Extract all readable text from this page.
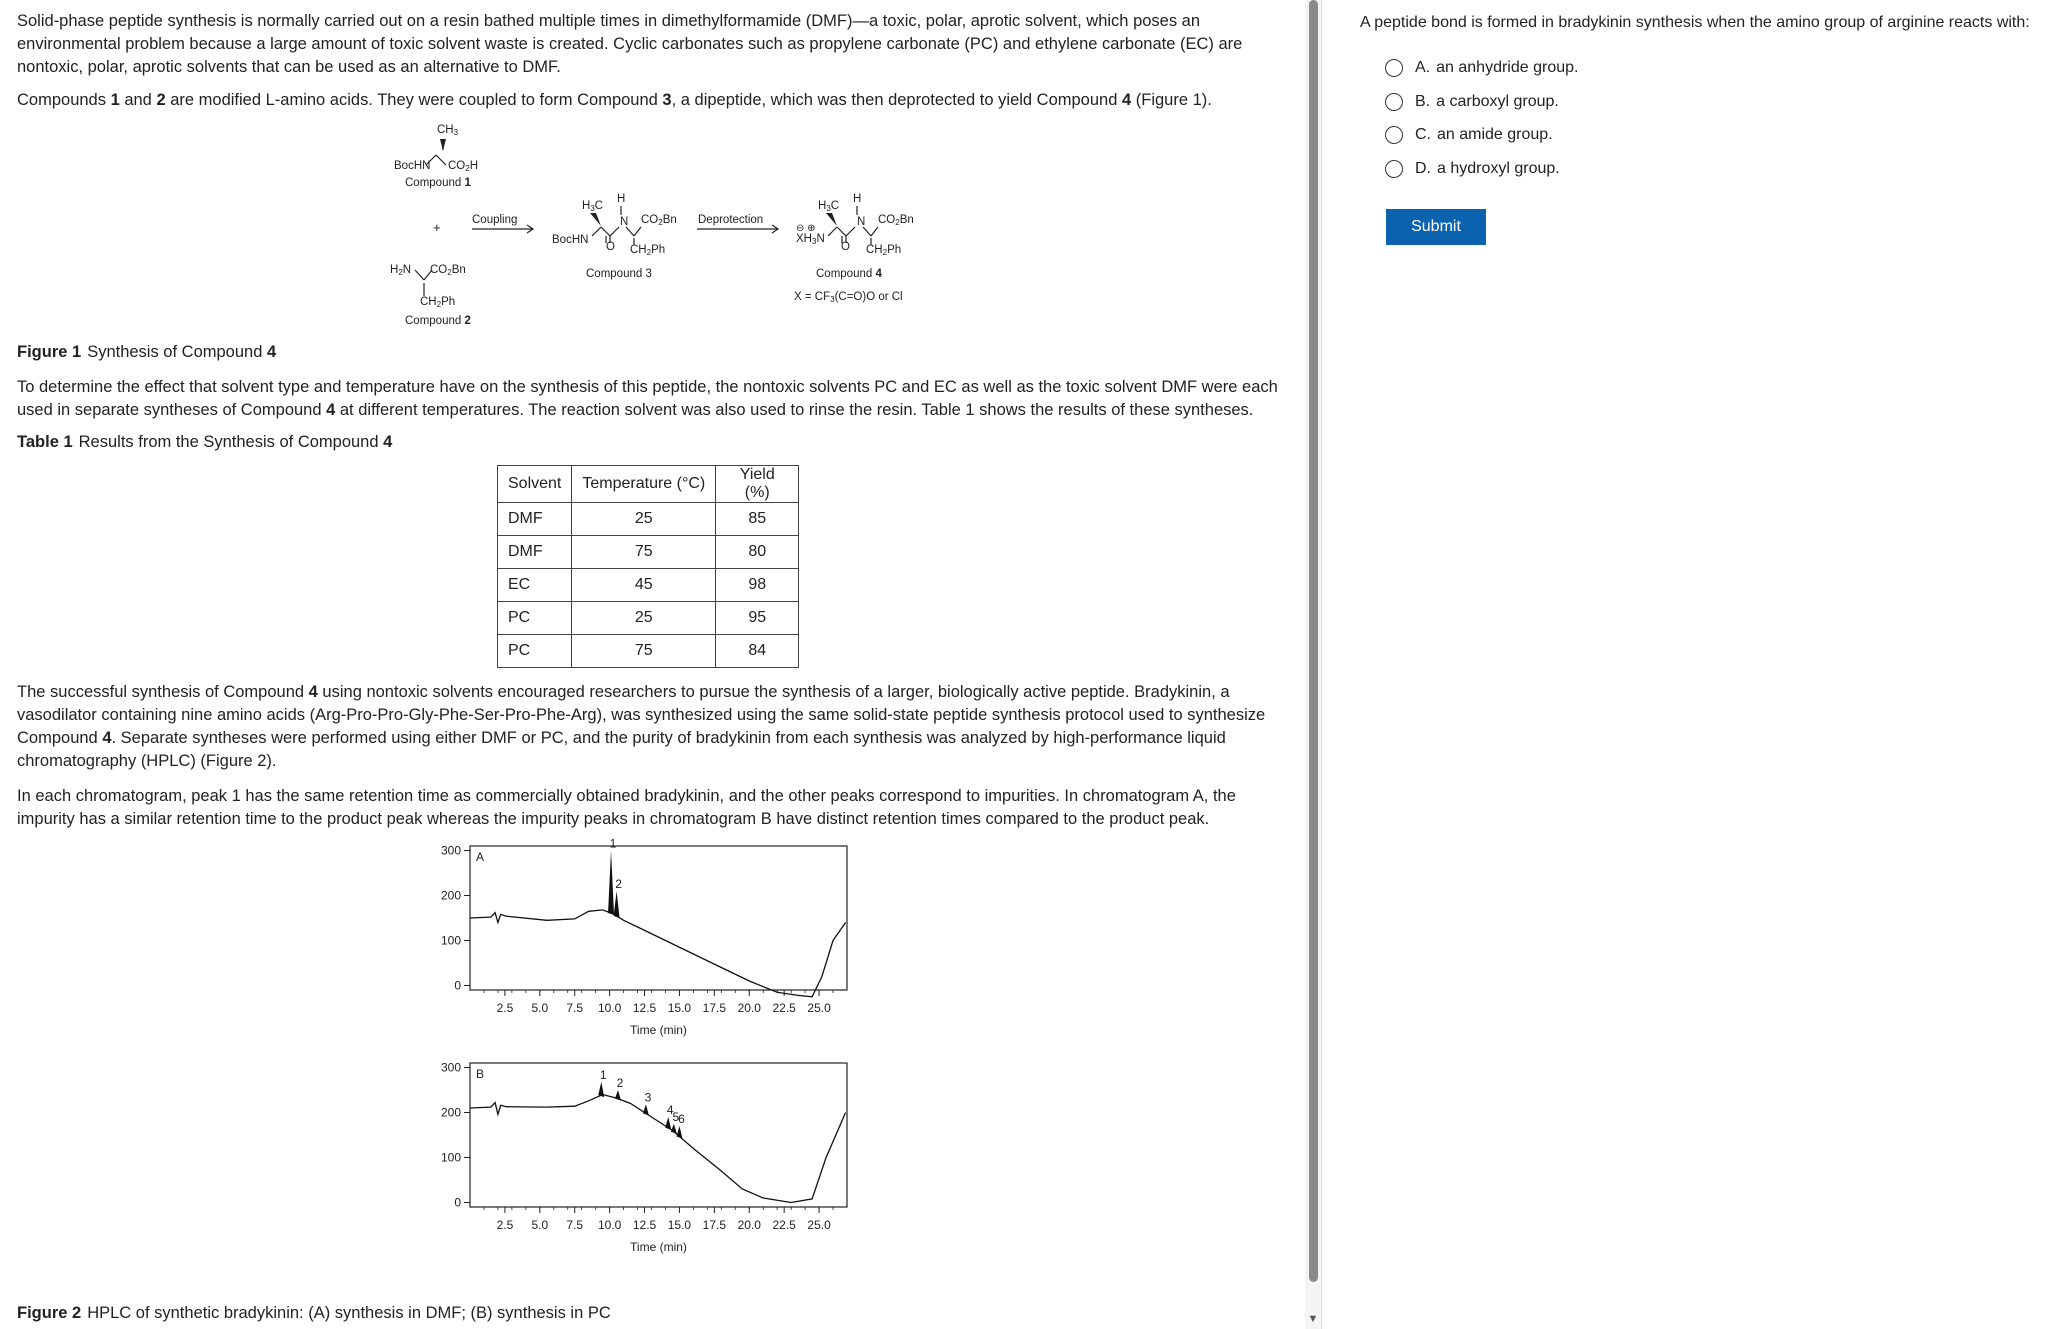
Solid-phase peptide synthesis is normally carried out on a resin bathed multiple times in dimethylformamide (DMF)—a toxic, polar, aprotic solvent, which poses an environmental problem because a large amount of toxic solvent waste is created. Cyclic carbonates such as propylene carbonate (PC) and ethylene carbonate (EC) are nontoxic, polar, aprotic solvents that can be used as an alternative to DMF.
Compounds 1 and 2 are modified L-amino acids. They were coupled to form Compound 3, a dipeptide, which was then deprotected to yield Compound 4 (Figure 1).
$CH_3$
BocHN $CO_2H$
Compound 1
+
$H_2N$ $CO_2Bn$
$CH_2Ph$
Compound 2
Coupling
$H_3C$
H
BocHN
N
O
$CO_2Bn$
$CH_2Ph$
Compound 3
Deprotection
$H_3C$
H
⊖ ⊕
$XH_3N$
N
O
$CO_2Bn$
$CH_2Ph$
Compound 4
$X = CF_3(C=O)O$ or Cl
Figure 1 Synthesis of Compound 4
To determine the effect that solvent type and temperature have on the synthesis of this peptide, the nontoxic solvents PC and EC as well as the toxic solvent DMF were each used in separate syntheses of Compound 4 at different temperatures. The reaction solvent was also used to rinse the resin. Table 1 shows the results of these syntheses.
Table 1 Results from the Synthesis of Compound 4
Solvent	Temperature (°C)	Yield (%)
DMF	25	85
DMF	75	80
EC	45	98
PC	25	95
PC	75	84
The successful synthesis of Compound 4 using nontoxic solvents encouraged researchers to pursue the synthesis of a larger, biologically active peptide. Bradykinin, a vasodilator containing nine amino acids (Arg-Pro-Pro-Gly-Phe-Ser-Pro-Phe-Arg), was synthesized using the same solid-state peptide synthesis protocol used to synthesize Compound 4. Separate syntheses were performed using either DMF or PC, and the purity of bradykinin from each synthesis was analyzed by high-performance liquid chromatography (HPLC) (Figure 2).
In each chromatogram, peak 1 has the same retention time as commercially obtained bradykinin, and the other peaks correspond to impurities. In chromatogram A, the impurity has a similar retention time to the product peak whereas the impurity peaks in chromatogram B have distinct retention times compared to the product peak.
A
300
200
100
0
2.5 5.0 7.5 10.0 12.5 15.0 17.5 20.0 22.5 25.0
Time (min)
1
2
B
300
200
100
0
2.5 5.0 7.5 10.0 12.5 15.0 17.5 20.0 22.5 25.0
Time (min)
1
2
3
4
5
6
Figure 2 HPLC of synthetic bradykinin: (A) synthesis in DMF; (B) synthesis in PC	▼
A peptide bond is formed in bradykinin synthesis when the amino group of arginine reacts with:
A. an anhydride group.
B. a carboxyl group.
C. an amide group.
D. a hydroxyl group.
Submit
